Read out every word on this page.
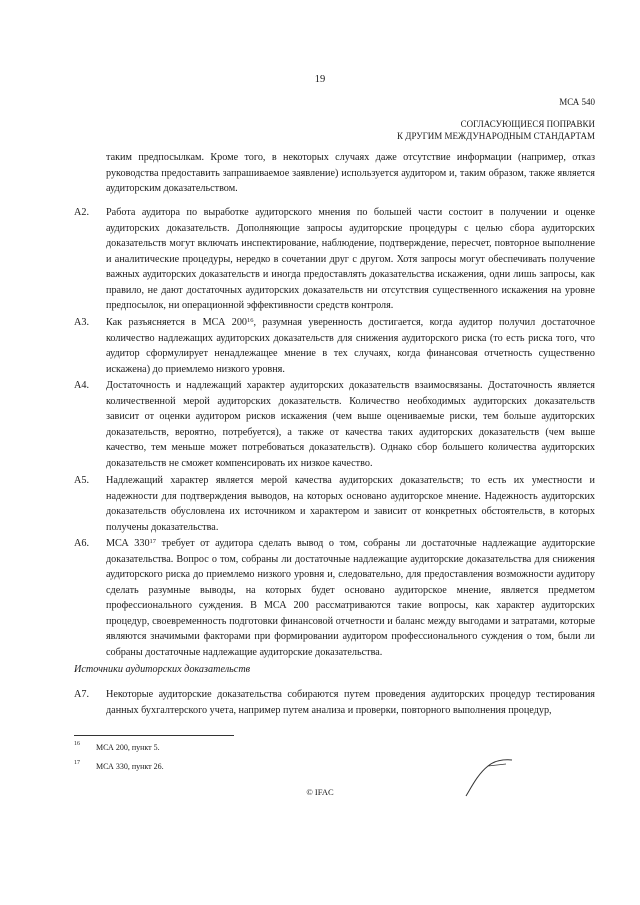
19
МСА 540
СОГЛАСУЮЩИЕСЯ ПОПРАВКИ
К ДРУГИМ МЕЖДУНАРОДНЫМ СТАНДАРТАМ
таким предпосылкам. Кроме того, в некоторых случаях даже отсутствие информации (например, отказ руководства предоставить запрашиваемое заявление) используется аудитором и, таким образом, также является аудиторским доказательством.
A2. Работа аудитора по выработке аудиторского мнения по большей части состоит в получении и оценке аудиторских доказательств. Дополняющие запросы аудиторские процедуры с целью сбора аудиторских доказательств могут включать инспектирование, наблюдение, подтверждение, пересчет, повторное выполнение и аналитические процедуры, нередко в сочетании друг с другом. Хотя запросы могут обеспечивать получение важных аудиторских доказательств и иногда предоставлять доказательства искажения, одни лишь запросы, как правило, не дают достаточных аудиторских доказательств ни отсутствия существенного искажения на уровне предпосылок, ни операционной эффективности средств контроля.
A3. Как разъясняется в МСА $200^{16}$, разумная уверенность достигается, когда аудитор получил достаточное количество надлежащих аудиторских доказательств для снижения аудиторского риска (то есть риска того, что аудитор сформулирует ненадлежащее мнение в тех случаях, когда финансовая отчетность существенно искажена) до приемлемо низкого уровня.
A4. Достаточность и надлежащий характер аудиторских доказательств взаимосвязаны. Достаточность является количественной мерой аудиторских доказательств. Количество необходимых аудиторских доказательств зависит от оценки аудитором рисков искажения (чем выше оцениваемые риски, тем больше аудиторских доказательств, вероятно, потребуется), а также от качества таких аудиторских доказательств (чем выше качество, тем меньше может потребоваться доказательств). Однако сбор большего количества аудиторских доказательств не сможет компенсировать их низкое качество.
A5. Надлежащий характер является мерой качества аудиторских доказательств; то есть их уместности и надежности для подтверждения выводов, на которых основано аудиторское мнение. Надежность аудиторских доказательств обусловлена их источником и характером и зависит от конкретных обстоятельств, в которых получены доказательства.
A6. МСА $330^{17}$ требует от аудитора сделать вывод о том, собраны ли достаточные надлежащие аудиторские доказательства. Вопрос о том, собраны ли достаточные надлежащие аудиторские доказательства для снижения аудиторского риска до приемлемо низкого уровня и, следовательно, для предоставления возможности аудитору сделать разумные выводы, на которых будет основано аудиторское мнение, является предметом профессионального суждения. В МСА 200 рассматриваются такие вопросы, как характер аудиторских процедур, своевременность подготовки финансовой отчетности и баланс между выгодами и затратами, которые являются значимыми факторами при формировании аудитором профессионального суждения о том, были ли собраны достаточные надлежащие аудиторские доказательства.
Источники аудиторских доказательств
A7. Некоторые аудиторские доказательства собираются путем проведения аудиторских процедур тестирования данных бухгалтерского учета, например путем анализа и проверки, повторного выполнения процедур,
16 МСА 200, пункт 5.
17 МСА 330, пункт 26.
© IFAC
